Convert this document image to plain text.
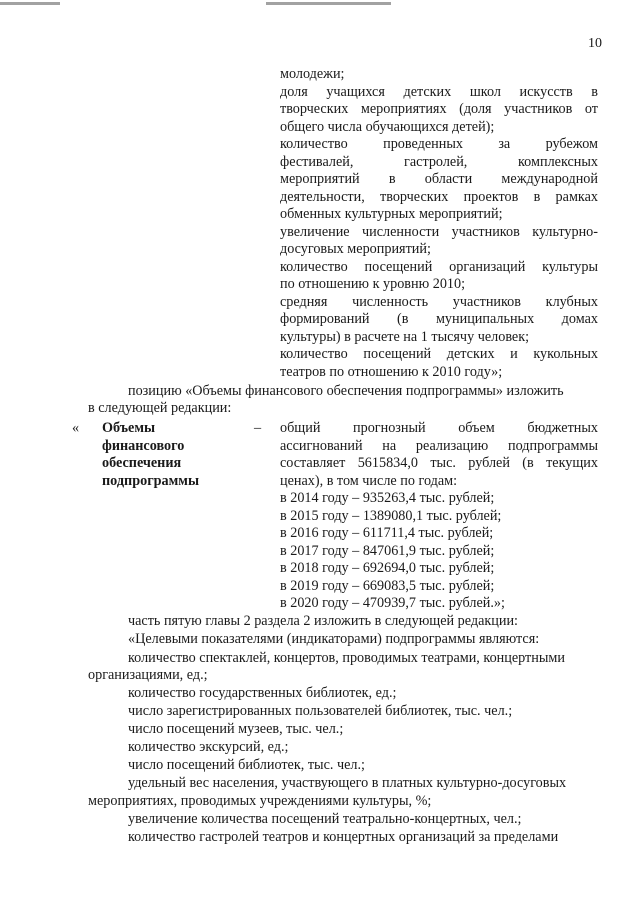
10
молодежи;
доля учащихся детских школ искусств в
творческих мероприятиях (доля участников от
общего числа обучающихся детей);
количество проведенных за рубежом
фестивалей, гастролей, комплексных
мероприятий в области международной
деятельности, творческих проектов в рамках
обменных культурных мероприятий;
увеличение численности участников культурно-
досуговых мероприятий;
количество посещений организаций культуры
по отношению к уровню 2010;
средняя численность участников клубных
формирований (в муниципальных домах
культуры) в расчете на 1 тысячу человек;
количество посещений детских и кукольных
театров по отношению к 2010 году»;
позицию «Объемы финансового обеспечения подпрограммы» изложить
в следующей редакции:
« Объемы
финансового
обеспечения
подпрограммы
– общий прогнозный объем бюджетных
ассигнований на реализацию подпрограммы
составляет 5615834,0 тыс. рублей (в текущих
ценах), в том числе по годам:
в 2014 году – 935263,4 тыс. рублей;
в 2015 году – 1389080,1 тыс. рублей;
в 2016 году – 611711,4 тыс. рублей;
в 2017 году – 847061,9 тыс. рублей;
в 2018 году – 692694,0 тыс. рублей;
в 2019 году – 669083,5 тыс. рублей;
в 2020 году – 470939,7 тыс. рублей.»;
часть пятую главы 2 раздела 2 изложить в следующей редакции:
«Целевыми показателями (индикаторами) подпрограммы являются:
количество спектаклей, концертов, проводимых театрами, концертными
организациями, ед.;
количество государственных библиотек, ед.;
число зарегистрированных пользователей библиотек, тыс. чел.;
число посещений музеев, тыс. чел.;
количество экскурсий, ед.;
число посещений библиотек, тыс. чел.;
удельный вес населения, участвующего в платных культурно-досуговых
мероприятиях, проводимых учреждениями культуры, %;
увеличение количества посещений театрально-концертных, чел.;
количество гастролей театров и концертных организаций за пределами
